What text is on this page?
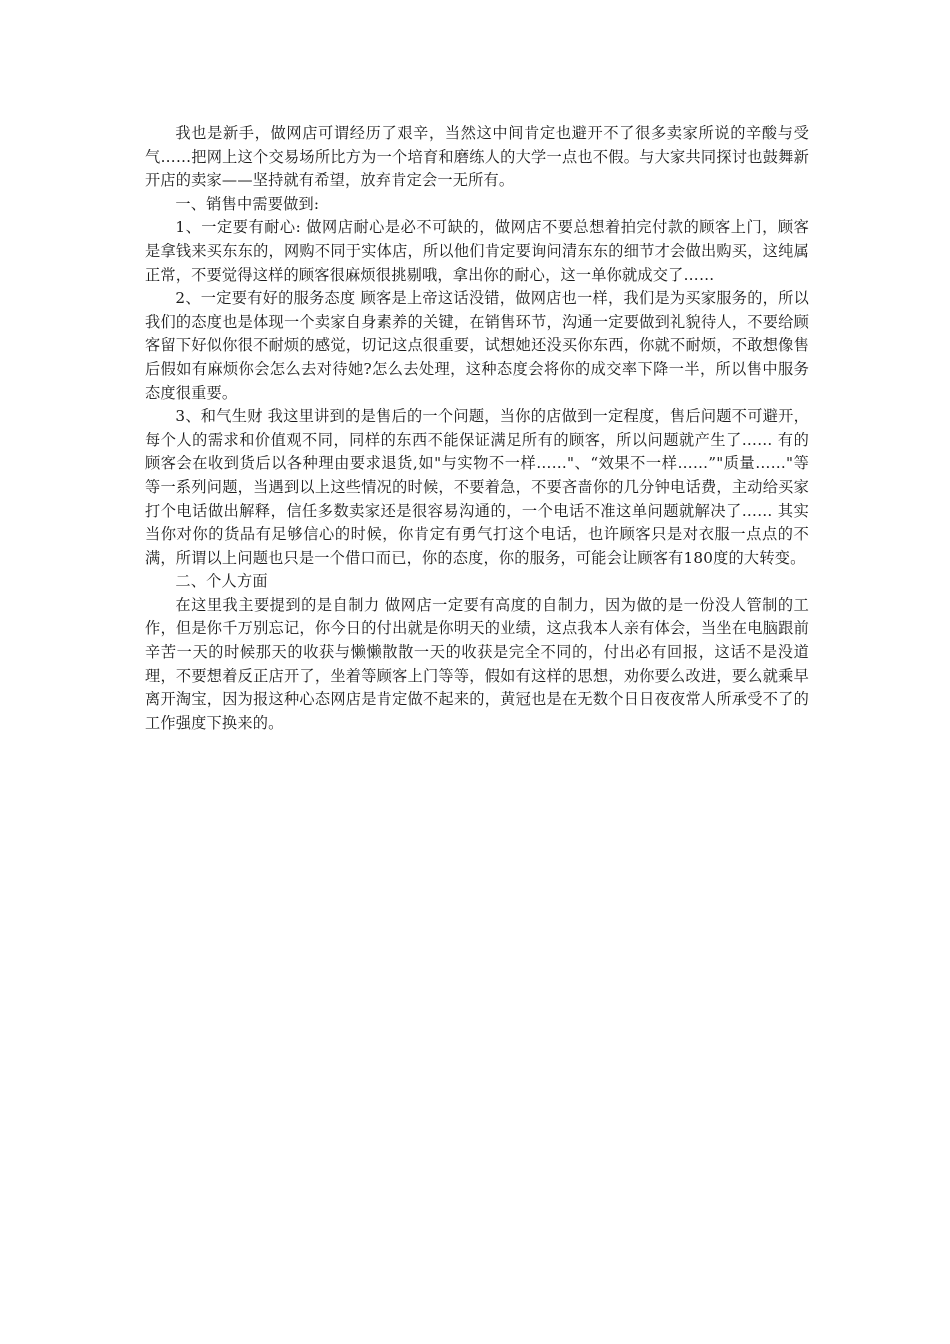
我也是新手，做网店可谓经历了艰辛，当然这中间肯定也避开不了很多卖家所说的辛酸与受气……把网上这个交易场所比方为一个培育和磨练人的大学一点也不假。与大家共同探讨也鼓舞新开店的卖家——坚持就有希望，放弃肯定会一无所有。

一、销售中需要做到:

1、一定要有耐心: 做网店耐心是必不可缺的，做网店不要总想着拍完付款的顾客上门，顾客是拿钱来买东东的，网购不同于实体店，所以他们肯定要询问清东东的细节才会做出购买，这纯属正常，不要觉得这样的顾客很麻烦很挑剔哦，拿出你的耐心，这一单你就成交了……

2、一定要有好的服务态度 顾客是上帝这话没错，做网店也一样，我们是为买家服务的，所以我们的态度也是体现一个卖家自身素养的关键，在销售环节，沟通一定要做到礼貌待人，不要给顾客留下好似你很不耐烦的感觉，切记这点很重要，试想她还没买你东西，你就不耐烦，不敢想像售后假如有麻烦你会怎么去对待她?怎么去处理，这种态度会将你的成交率下降一半，所以售中服务态度很重要。

3、和气生财 我这里讲到的是售后的一个问题，当你的店做到一定程度，售后问题不可避开，每个人的需求和价值观不同，同样的东西不能保证满足所有的顾客，所以问题就产生了…… 有的顾客会在收到货后以各种理由要求退货,如"与实物不一样……"、“效果不一样……”"质量……"等等一系列问题，当遇到以上这些情况的时候，不要着急，不要吝啬你的几分钟电话费，主动给买家打个电话做出解释，信任多数卖家还是很容易沟通的，一个电话不准这单问题就解决了…… 其实当你对你的货品有足够信心的时候，你肯定有勇气打这个电话，也许顾客只是对衣服一点点的不满，所谓以上问题也只是一个借口而已，你的态度，你的服务，可能会让顾客有180度的大转变。

二、个人方面

在这里我主要提到的是自制力 做网店一定要有高度的自制力，因为做的是一份没人管制的工作，但是你千万别忘记，你今日的付出就是你明天的业绩，这点我本人亲有体会，当坐在电脑跟前辛苦一天的时候那天的收获与懒懒散散一天的收获是完全不同的，付出必有回报，这话不是没道理，不要想着反正店开了，坐着等顾客上门等等，假如有这样的思想，劝你要么改进，要么就乘早离开淘宝，因为报这种心态网店是肯定做不起来的，黄冠也是在无数个日日夜夜常人所承受不了的工作强度下换来的。
